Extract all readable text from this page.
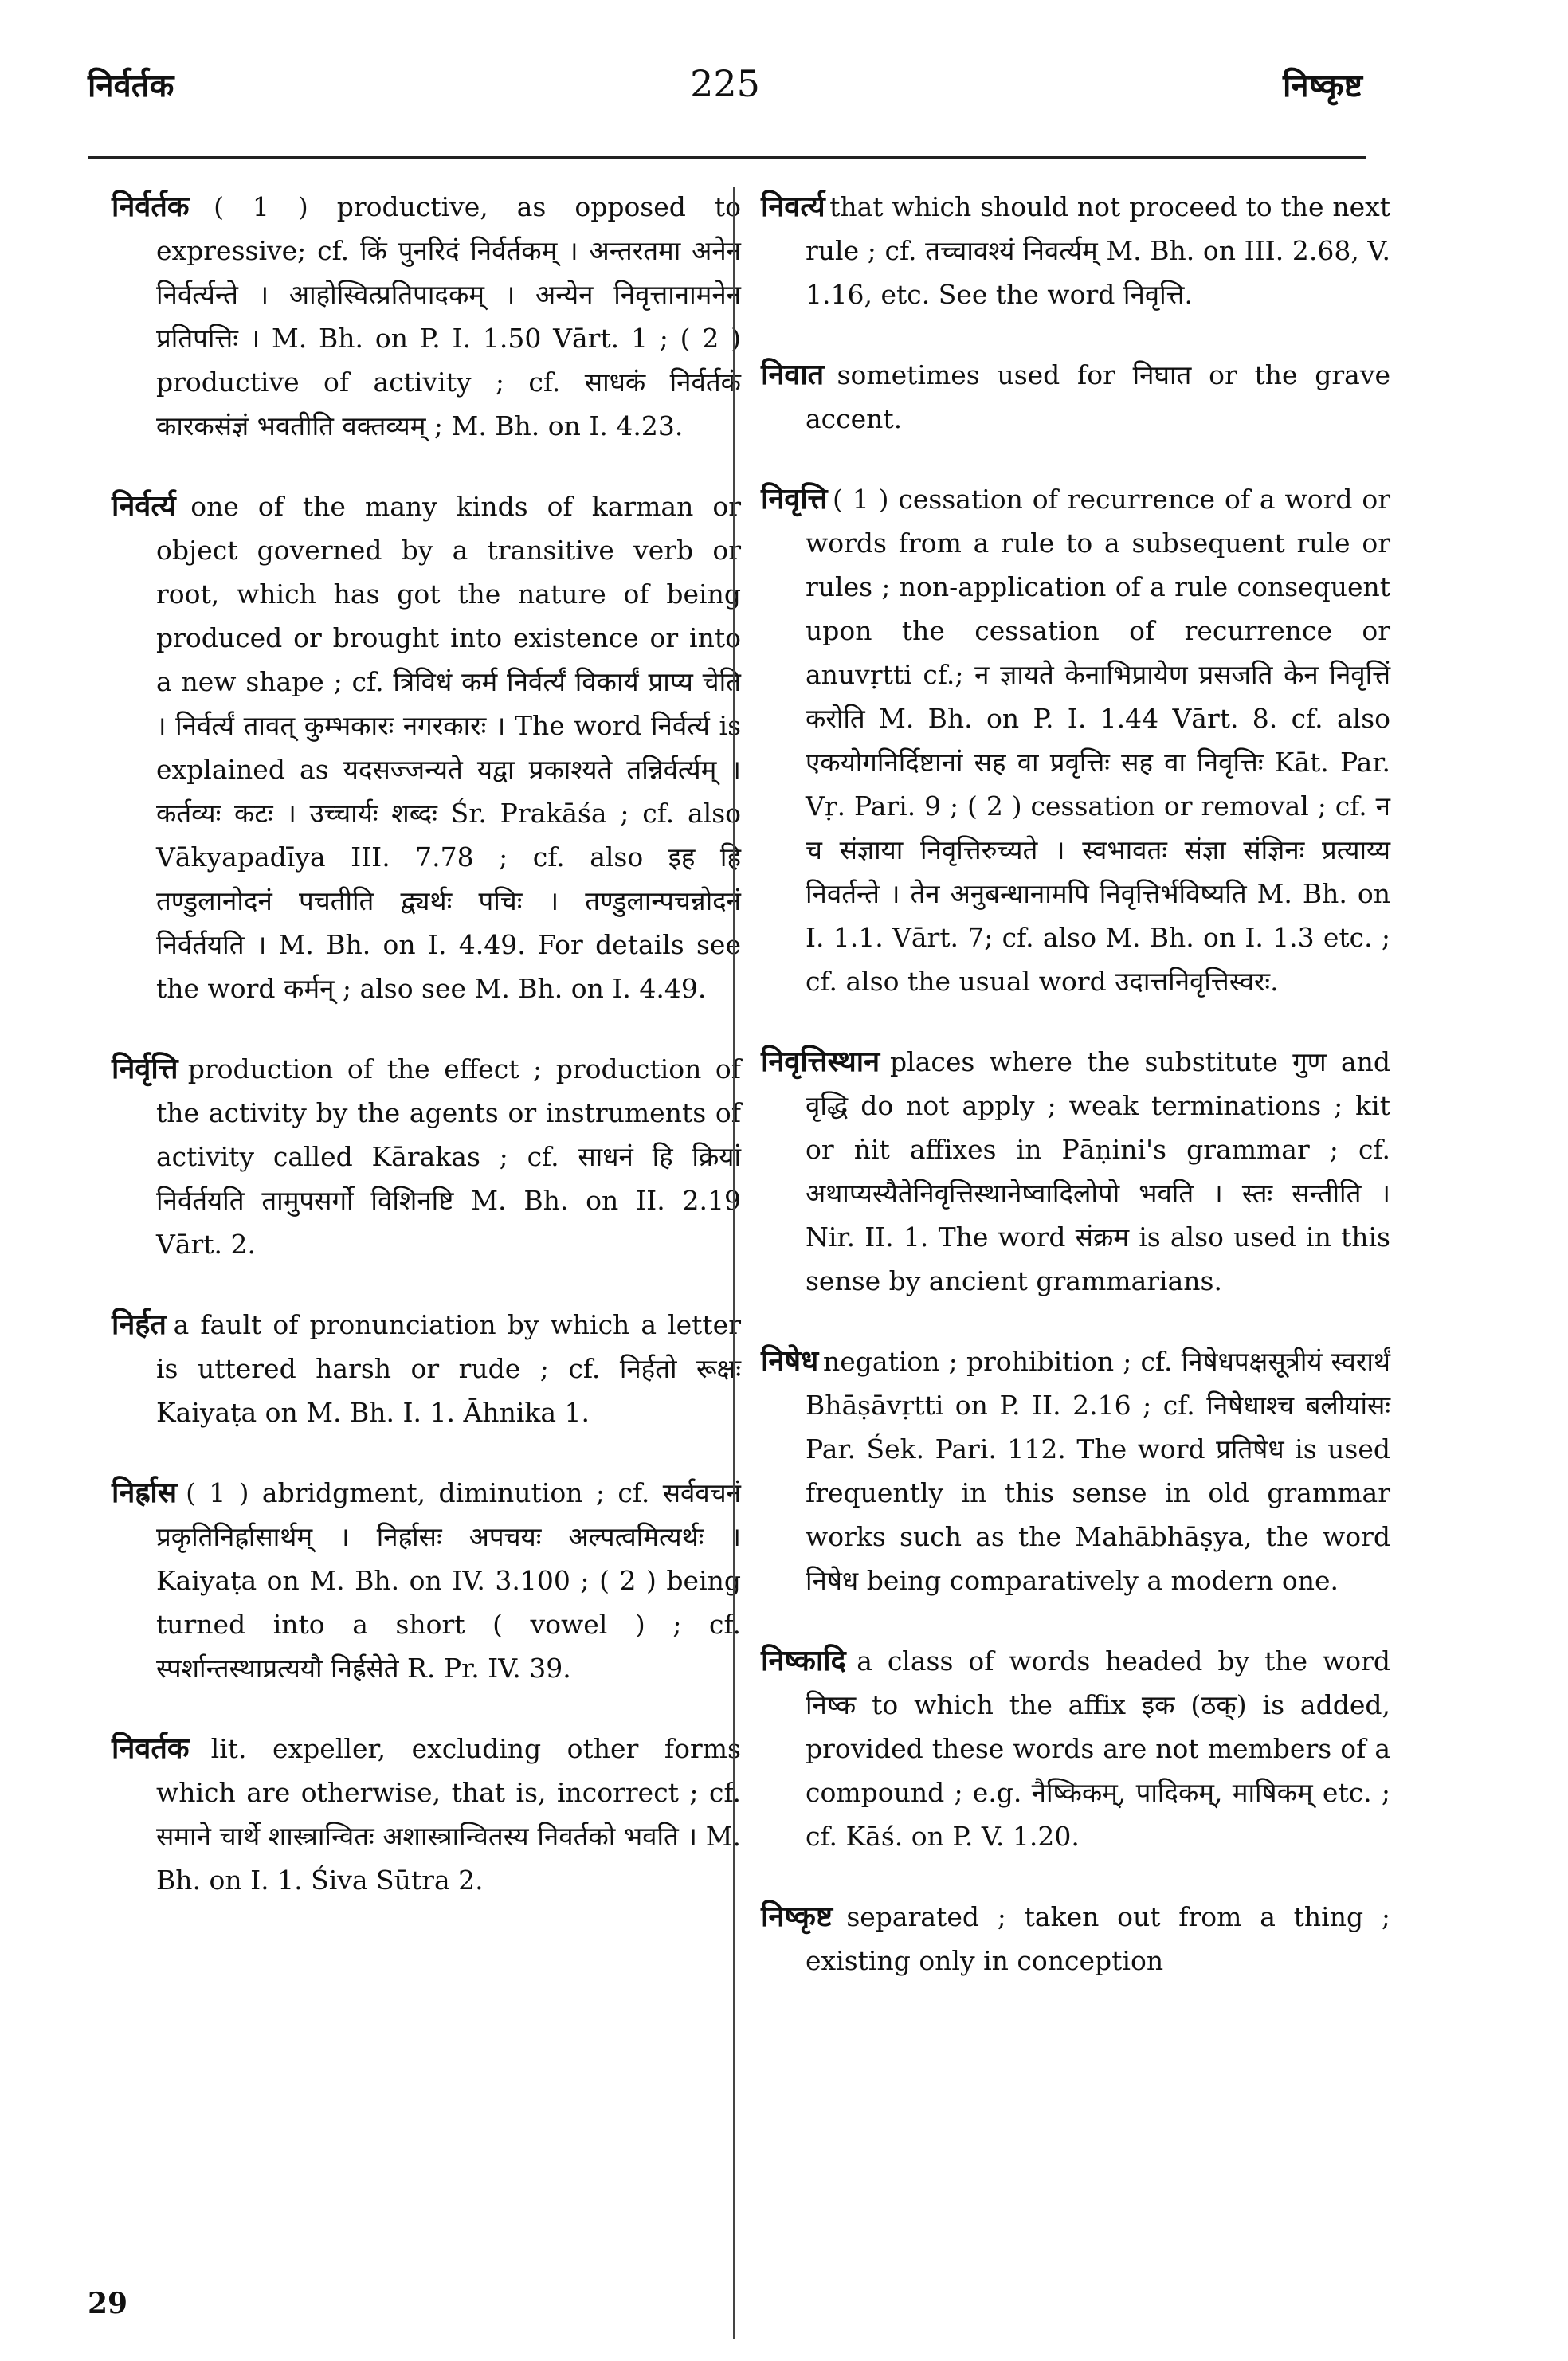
निर्वर्तक	225	निष्कृष्ट

निर्वर्तक ( 1 ) productive, as opposed to expressive; cf. किं पुनरिदं निर्वर्तकम् । अन्तरतमा अनेन निर्वर्त्यन्ते । आहोस्वित्प्रतिपादकम् । अन्येन निवृत्तानामनेन प्रतिपत्तिः । M. Bh. on P. I. 1.50 Vārt. 1 ; ( 2 ) productive of activity ; cf. साधकं निर्वर्तकं कारकसंज्ञं भवतीति वक्तव्यम् ; M. Bh. on I. 4.23.

निर्वर्त्य one of the many kinds of karman or object governed by a transitive verb or root, which has got the nature of being produced or brought into existence or into a new shape ; cf. त्रिविधं कर्म निर्वर्त्यं विकार्यं प्राप्य चेति । निर्वर्त्यं तावत् कुम्भकारः नगरकारः । The word निर्वर्त्य is explained as यदसज्जन्यते यद्वा प्रकाश्यते तन्निर्वर्त्यम् । कर्तव्यः कटः । उच्चार्यः शब्दः Śr. Prakāśa ; cf. also Vākyapadīya III. 7.78 ; cf. also इह हि तण्डुलानोदनं पचतीति द्व्यर्थः पचिः । तण्डुलान्पचन्नोदनं निर्वर्तयति । M. Bh. on I. 4.49. For details see the word कर्मन् ; also see M. Bh. on I. 4.49.

निर्वृत्ति production of the effect ; production of the activity by the agents or instruments of activity called Kārakas ; cf. साधनं हि क्रियां निर्वर्तयति तामुपसर्गो विशिनष्टि M. Bh. on II. 2.19 Vārt. 2.

निर्हत a fault of pronunciation by which a letter is uttered harsh or rude ; cf. निर्हतो रूक्षः Kaiyaṭa on M. Bh. I. 1. Āhnika 1.

निर्ह्रास ( 1 ) abridgment, diminution ; cf. सर्ववचनं प्रकृतिनिर्ह्रासार्थम् । निर्ह्रासः अपचयः अल्पत्वमित्यर्थः । Kaiyaṭa on M. Bh. on IV. 3.100 ; ( 2 ) being turned into a short ( vowel ) ; cf. स्पर्शान्तस्थाप्रत्ययौ निर्ह्रसेते R. Pr. IV. 39.

निवर्तक lit. expeller, excluding other forms which are otherwise, that is, incorrect ; cf. समाने चार्थे शास्त्रान्वितः अशास्त्रान्वितस्य निवर्तको भवति । M. Bh. on I. 1. Śiva Sūtra 2.

निवर्त्य that which should not proceed to the next rule ; cf. तच्चावश्यं निवर्त्यम् M. Bh. on III. 2.68, V. 1.16, etc. See the word निवृत्ति.

निवात sometimes used for निघात or the grave accent.

निवृत्ति ( 1 ) cessation of recurrence of a word or words from a rule to a subsequent rule or rules ; non-application of a rule consequent upon the cessation of recurrence or anuvṛtti cf.; न ज्ञायते केनाभिप्रायेण प्रसजति केन निवृत्तिं करोति M. Bh. on P. I. 1.44 Vārt. 8. cf. also एकयोगनिर्दिष्टानां सह वा प्रवृत्तिः सह वा निवृत्तिः Kāt. Par. Vṛ. Pari. 9 ; ( 2 ) cessation or removal ; cf. न च संज्ञाया निवृत्तिरुच्यते । स्वभावतः संज्ञा संज्ञिनः प्रत्याय्य निवर्तन्ते । तेन अनुबन्धानामपि निवृत्तिर्भविष्यति M. Bh. on I. 1.1. Vārt. 7; cf. also M. Bh. on I. 1.3 etc. ; cf. also the usual word उदात्तनिवृत्तिस्वरः.

निवृत्तिस्थान places where the substitute गुण and वृद्धि do not apply ; weak terminations ; kit or ṅit affixes in Pāṇini's grammar ; cf. अथाप्यस्यैतेनिवृत्तिस्थानेष्वादिलोपो भवति । स्तः सन्तीति । Nir. II. 1. The word संक्रम is also used in this sense by ancient grammarians.

निषेध negation ; prohibition ; cf. निषेधपक्षसूत्रीयं स्वरार्थं Bhāṣāvṛtti on P. II. 2.16 ; cf. निषेधाश्च बलीयांसः Par. Śek. Pari. 112. The word प्रतिषेध is used frequently in this sense in old grammar works such as the Mahābhāṣya, the word निषेध being comparatively a modern one.

निष्कादि a class of words headed by the word निष्क to which the affix इक (ठक्) is added, provided these words are not members of a compound ; e.g. नैष्किकम्, पादिकम्, माषिकम् etc. ; cf. Kāś. on P. V. 1.20.

निष्कृष्ट separated ; taken out from a thing ; existing only in conception

29
